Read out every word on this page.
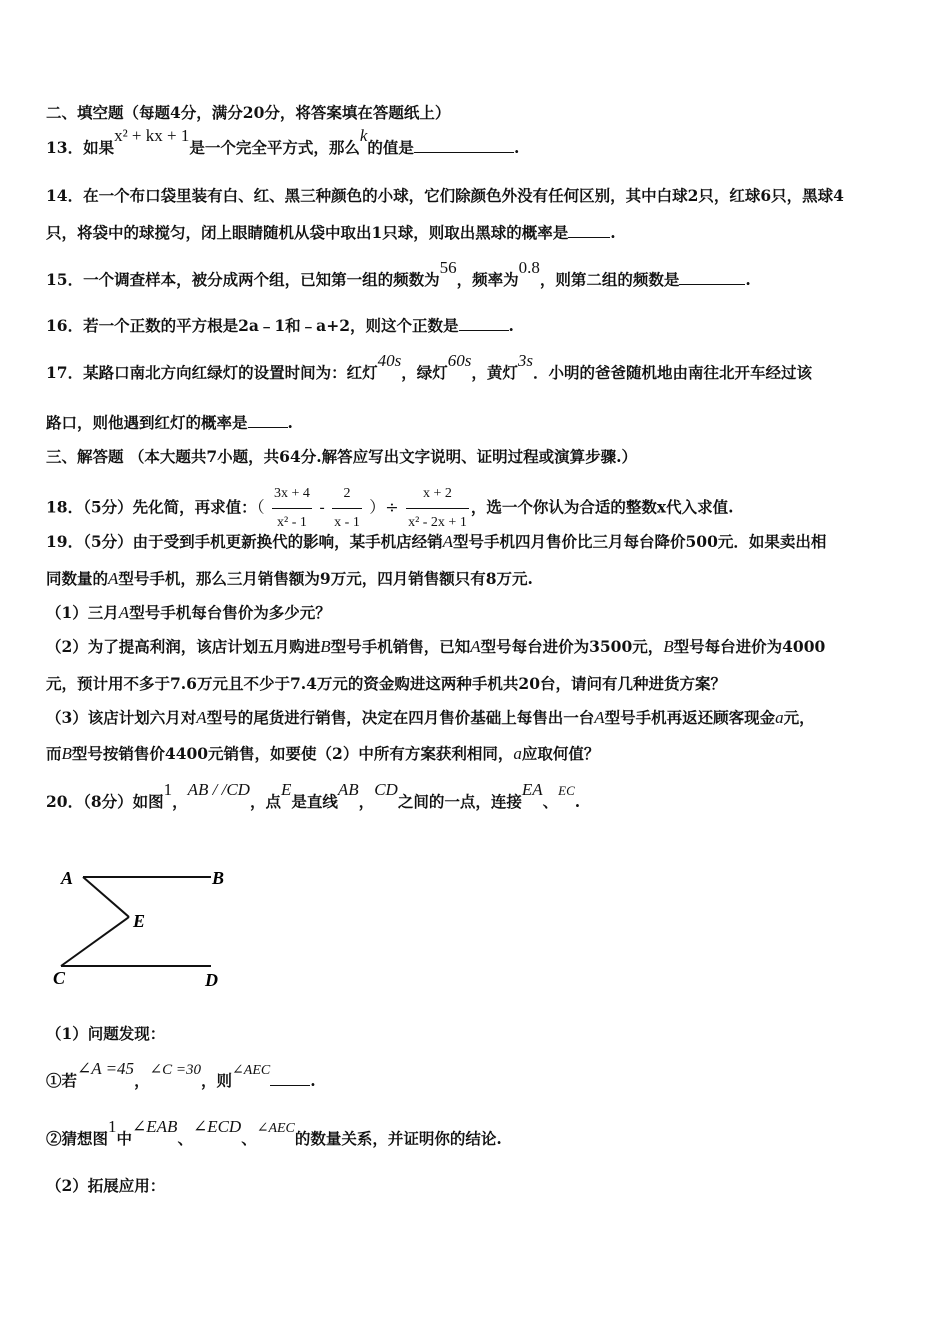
二、填空题（每题4分，满分20分，将答案填在答题纸上）
13．如果x² + kx + 1是一个完全平方式，那么k的值是	.
14．在一个布口袋里装有白、红、黑三种颜色的小球，它们除颜色外没有任何区别，其中白球2只，红球6只，黑球4
只，将袋中的球搅匀，闭上眼睛随机从袋中取出1只球，则取出黑球的概率是	.
15．一个调查样本，被分成两个组，已知第一组的频数为56，频率为0.8，则第二组的频数是	.
16．若一个正数的平方根是2a﹣1和﹣a+2，则这个正数是	.
17．某路口南北方向红绿灯的设置时间为：红灯40s，绿灯60s，黄灯3s．小明的爸爸随机地由南往北开车经过该
路口，则他遇到红灯的概率是	.
三、解答题 （本大题共7小题，共64分.解答应写出文字说明、证明过程或演算步骤.）
18．（5分）先化简，再求值：（ $\frac{3x + 4}{\text{x² - 1}} - \frac{2}{x - 1}$ ）÷ $\frac{x + 2}{\text{x² - 2x + 1}}$ ，选一个你认为合适的整数x代入求值.
19．（5分）由于受到手机更新换代的影响，某手机店经销A型号手机四月售价比三月每台降价500元．如果卖出相
同数量的A型号手机，那么三月销售额为9万元，四月销售额只有8万元.
（1）三月A型号手机每台售价为多少元？
（2）为了提高利润，该店计划五月购进B型号手机销售，已知A型号每台进价为3500元，B型号每台进价为4000
元，预计用不多于7.6万元且不少于7.4万元的资金购进这两种手机共20台，请问有几种进货方案？
（3）该店计划六月对A型号的尾货进行销售，决定在四月售价基础上每售出一台A型号手机再返还顾客现金a元，
而B型号按销售价4400元销售，如要使（2）中所有方案获利相同，a应取何值？
20．（8分）如图1，AB / /CD，点E是直线AB，CD之间的一点，连接EA、$^{EC}$.
A	B
E
C	D
（1）问题发现：
①若∠A =45，∠C =30，则∠AEC.
②猜想图1中∠EAB、∠ECD、∠AEC的数量关系，并证明你的结论.
（2）拓展应用：
